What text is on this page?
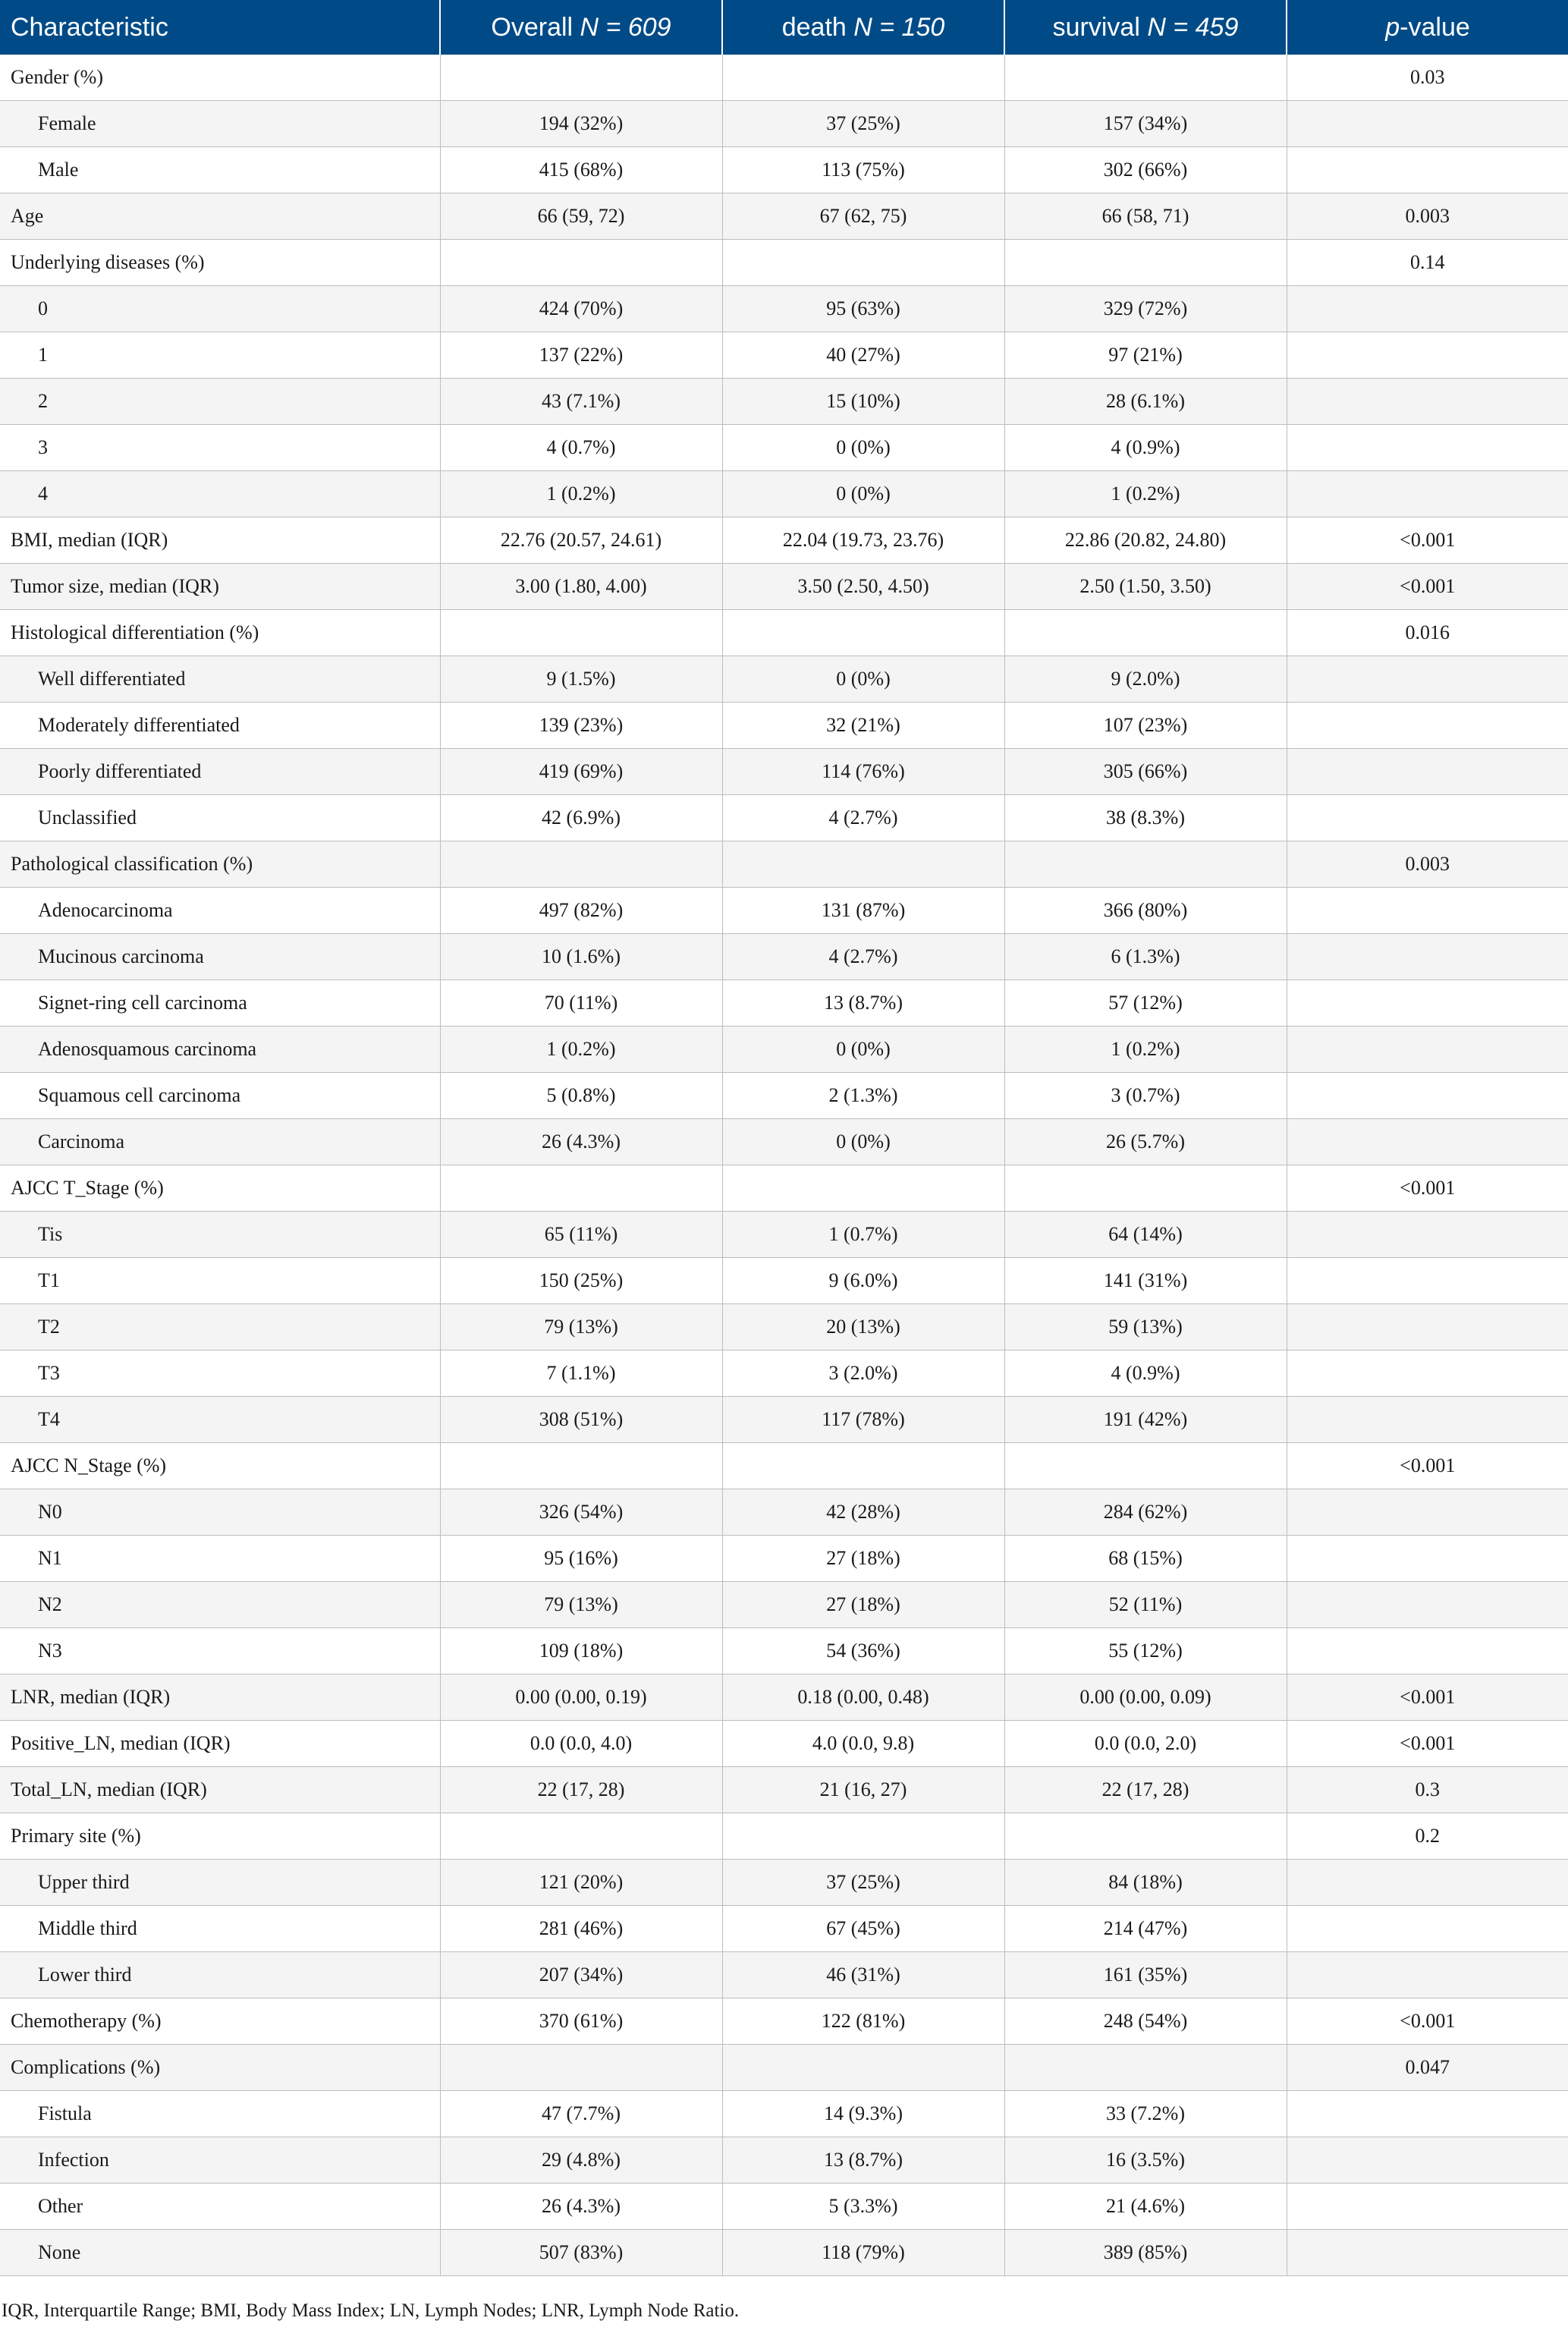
Characteristic	Overall N = 609	death N = 150	survival N = 459	p-value
Gender (%)				0.03
Female	194 (32%)	37 (25%)	157 (34%)	
Male	415 (68%)	113 (75%)	302 (66%)	
Age	66 (59, 72)	67 (62, 75)	66 (58, 71)	0.003
Underlying diseases (%)				0.14
0	424 (70%)	95 (63%)	329 (72%)	
1	137 (22%)	40 (27%)	97 (21%)	
2	43 (7.1%)	15 (10%)	28 (6.1%)	
3	4 (0.7%)	0 (0%)	4 (0.9%)	
4	1 (0.2%)	0 (0%)	1 (0.2%)	
BMI, median (IQR)	22.76 (20.57, 24.61)	22.04 (19.73, 23.76)	22.86 (20.82, 24.80)	<0.001
Tumor size, median (IQR)	3.00 (1.80, 4.00)	3.50 (2.50, 4.50)	2.50 (1.50, 3.50)	<0.001
Histological differentiation (%)				0.016
Well differentiated	9 (1.5%)	0 (0%)	9 (2.0%)	
Moderately differentiated	139 (23%)	32 (21%)	107 (23%)	
Poorly differentiated	419 (69%)	114 (76%)	305 (66%)	
Unclassified	42 (6.9%)	4 (2.7%)	38 (8.3%)	
Pathological classification (%)				0.003
Adenocarcinoma	497 (82%)	131 (87%)	366 (80%)	
Mucinous carcinoma	10 (1.6%)	4 (2.7%)	6 (1.3%)	
Signet-ring cell carcinoma	70 (11%)	13 (8.7%)	57 (12%)	
Adenosquamous carcinoma	1 (0.2%)	0 (0%)	1 (0.2%)	
Squamous cell carcinoma	5 (0.8%)	2 (1.3%)	3 (0.7%)	
Carcinoma	26 (4.3%)	0 (0%)	26 (5.7%)	
AJCC T_Stage (%)				<0.001
Tis	65 (11%)	1 (0.7%)	64 (14%)	
T1	150 (25%)	9 (6.0%)	141 (31%)	
T2	79 (13%)	20 (13%)	59 (13%)	
T3	7 (1.1%)	3 (2.0%)	4 (0.9%)	
T4	308 (51%)	117 (78%)	191 (42%)	
AJCC N_Stage (%)				<0.001
N0	326 (54%)	42 (28%)	284 (62%)	
N1	95 (16%)	27 (18%)	68 (15%)	
N2	79 (13%)	27 (18%)	52 (11%)	
N3	109 (18%)	54 (36%)	55 (12%)	
LNR, median (IQR)	0.00 (0.00, 0.19)	0.18 (0.00, 0.48)	0.00 (0.00, 0.09)	<0.001
Positive_LN, median (IQR)	0.0 (0.0, 4.0)	4.0 (0.0, 9.8)	0.0 (0.0, 2.0)	<0.001
Total_LN, median (IQR)	22 (17, 28)	21 (16, 27)	22 (17, 28)	0.3
Primary site (%)				0.2
Upper third	121 (20%)	37 (25%)	84 (18%)	
Middle third	281 (46%)	67 (45%)	214 (47%)	
Lower third	207 (34%)	46 (31%)	161 (35%)	
Chemotherapy (%)	370 (61%)	122 (81%)	248 (54%)	<0.001
Complications (%)				0.047
Fistula	47 (7.7%)	14 (9.3%)	33 (7.2%)	
Infection	29 (4.8%)	13 (8.7%)	16 (3.5%)	
Other	26 (4.3%)	5 (3.3%)	21 (4.6%)	
None	507 (83%)	118 (79%)	389 (85%)	
IQR, Interquartile Range; BMI, Body Mass Index; LN, Lymph Nodes; LNR, Lymph Node Ratio.
